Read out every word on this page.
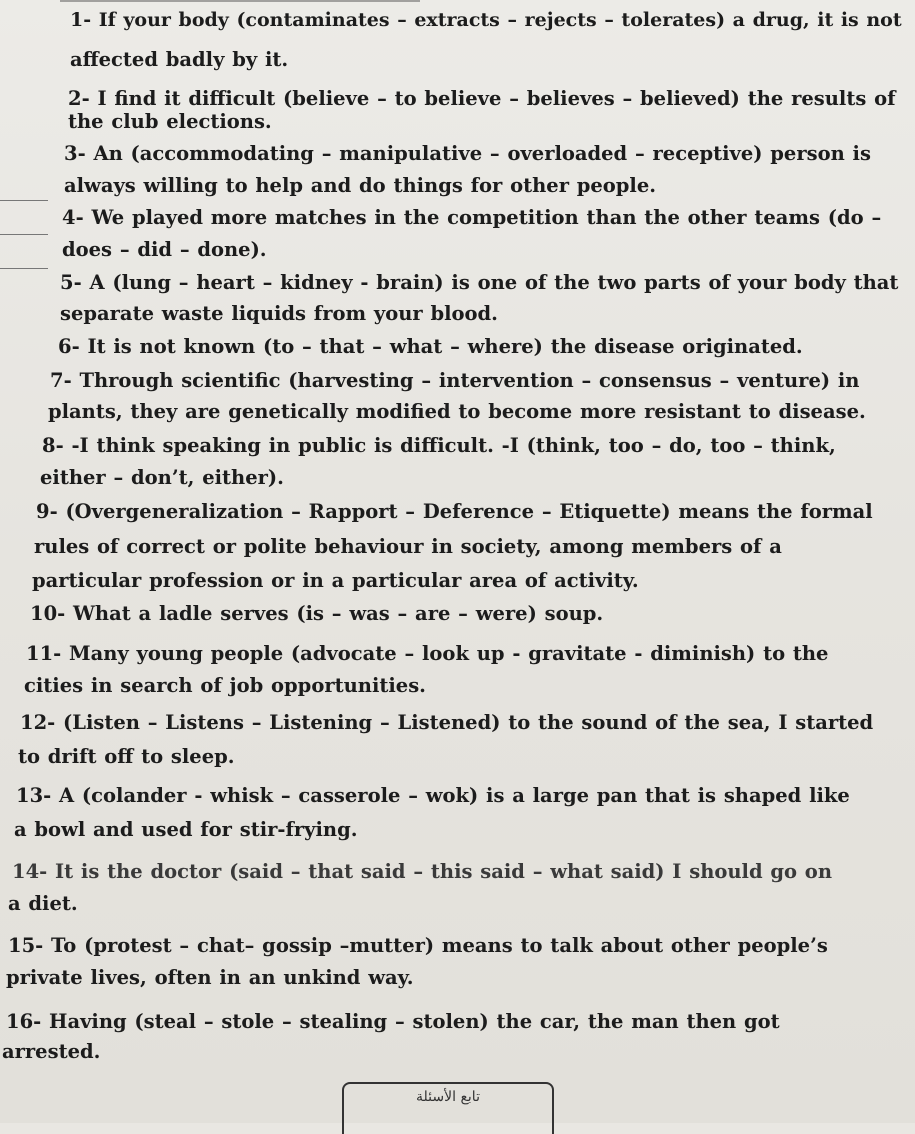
1- If your body (contaminates – extracts – rejects – tolerates) a drug, it is not
affected badly by it.
2- I find it difficult (believe – to believe – believes – believed) the results of
the club elections.
3- An (accommodating – manipulative – overloaded – receptive) person is
always willing to help and do things for other people.
4- We played more matches in the competition than the other teams (do –
does – did – done).
5- A (lung – heart – kidney - brain) is one of the two parts of your body that
separate waste liquids from your blood.
6- It is not known (to – that – what – where) the disease originated.
7- Through scientific (harvesting – intervention – consensus – venture) in
plants, they are genetically modified to become more resistant to disease.
8- -I think speaking in public is difficult. -I (think, too – do, too – think,
either – don’t, either).
9- (Overgeneralization – Rapport – Deference – Etiquette) means the formal
rules of correct or polite behaviour in society, among members of a
particular profession or in a particular area of activity.
10- What a ladle serves (is – was – are – were) soup.
11- Many young people (advocate – look up - gravitate - diminish) to the
cities in search of job opportunities.
12- (Listen – Listens – Listening – Listened) to the sound of the sea, I started
to drift off to sleep.
13- A (colander - whisk – casserole – wok) is a large pan that is shaped like
a bowl and used for stir-frying.
14- It is the doctor (said – that said – this said – what said) I should go on
a diet.
15- To (protest – chat– gossip –mutter) means to talk about other people’s
private lives, often in an unkind way.
16- Having (steal – stole – stealing – stolen) the car, the man then got
arrested.
تابع الأسئلة
